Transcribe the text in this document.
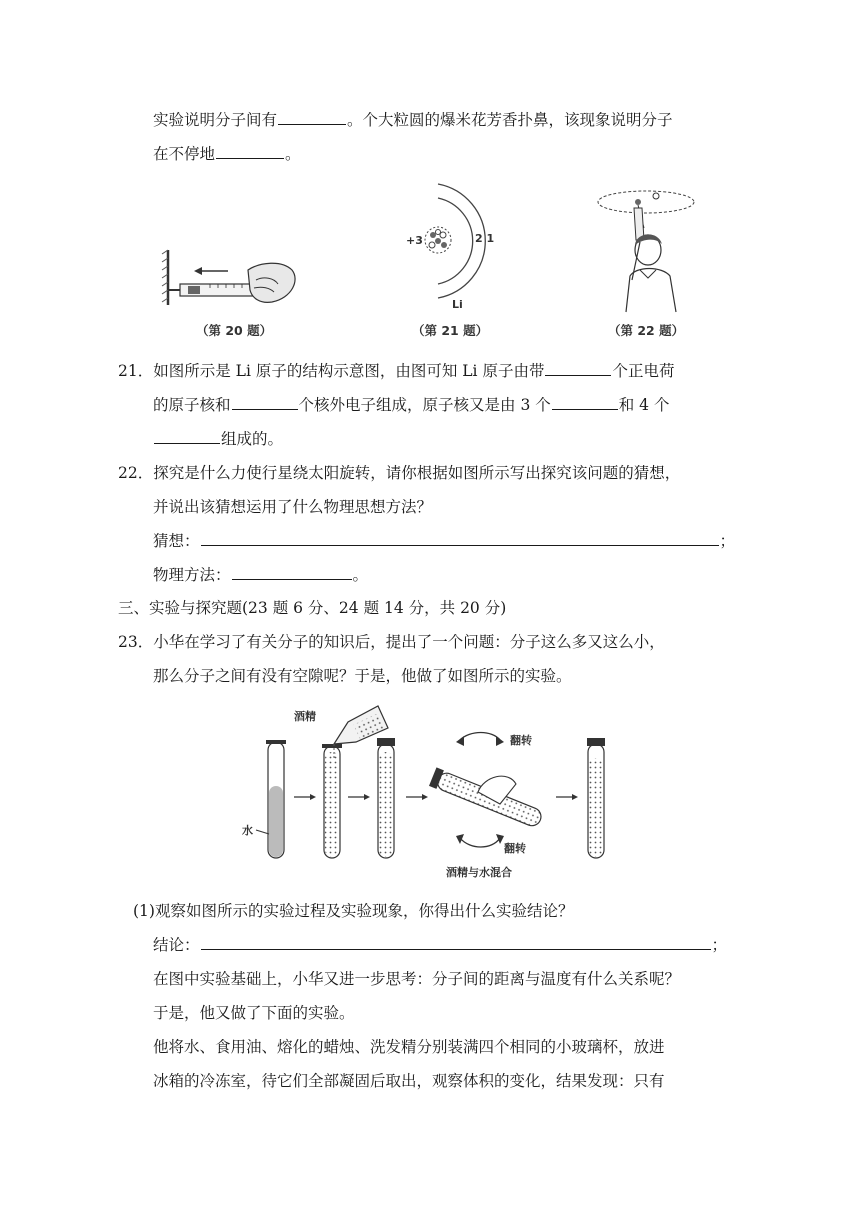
实验说明分子间有	。个大粒圆的爆米花芳香扑鼻，该现象说明分子
在不停地	。
（第 20 题）
+3	2 1
Li
（第 21 题）	（第 22 题）
21．如图所示是 Li 原子的结构示意图，由图可知 Li 原子由带	个正电荷
的原子核和	个核外电子组成，原子核又是由 3 个	和 4 个
组成的。
22．探究是什么力使行星绕太阳旋转，请你根据如图所示写出探究该问题的猜想，
并说出该猜想运用了什么物理思想方法？
猜想：	；
物理方法：	。
三、实验与探究题(23 题 6 分、24 题 14 分，共 20 分)
23．小华在学习了有关分子的知识后，提出了一个问题：分子这么多又这么小，
那么分子之间有没有空隙呢？于是，他做了如图所示的实验。
水
酒精
翻转
翻转
酒精与水混合
(1)观察如图所示的实验过程及实验现象，你得出什么实验结论？
结论：	；
在图中实验基础上，小华又进一步思考：分子间的距离与温度有什么关系呢？
于是，他又做了下面的实验。
他将水、食用油、熔化的蜡烛、洗发精分别装满四个相同的小玻璃杯，放进
冰箱的冷冻室，待它们全部凝固后取出，观察体积的变化，结果发现：只有
